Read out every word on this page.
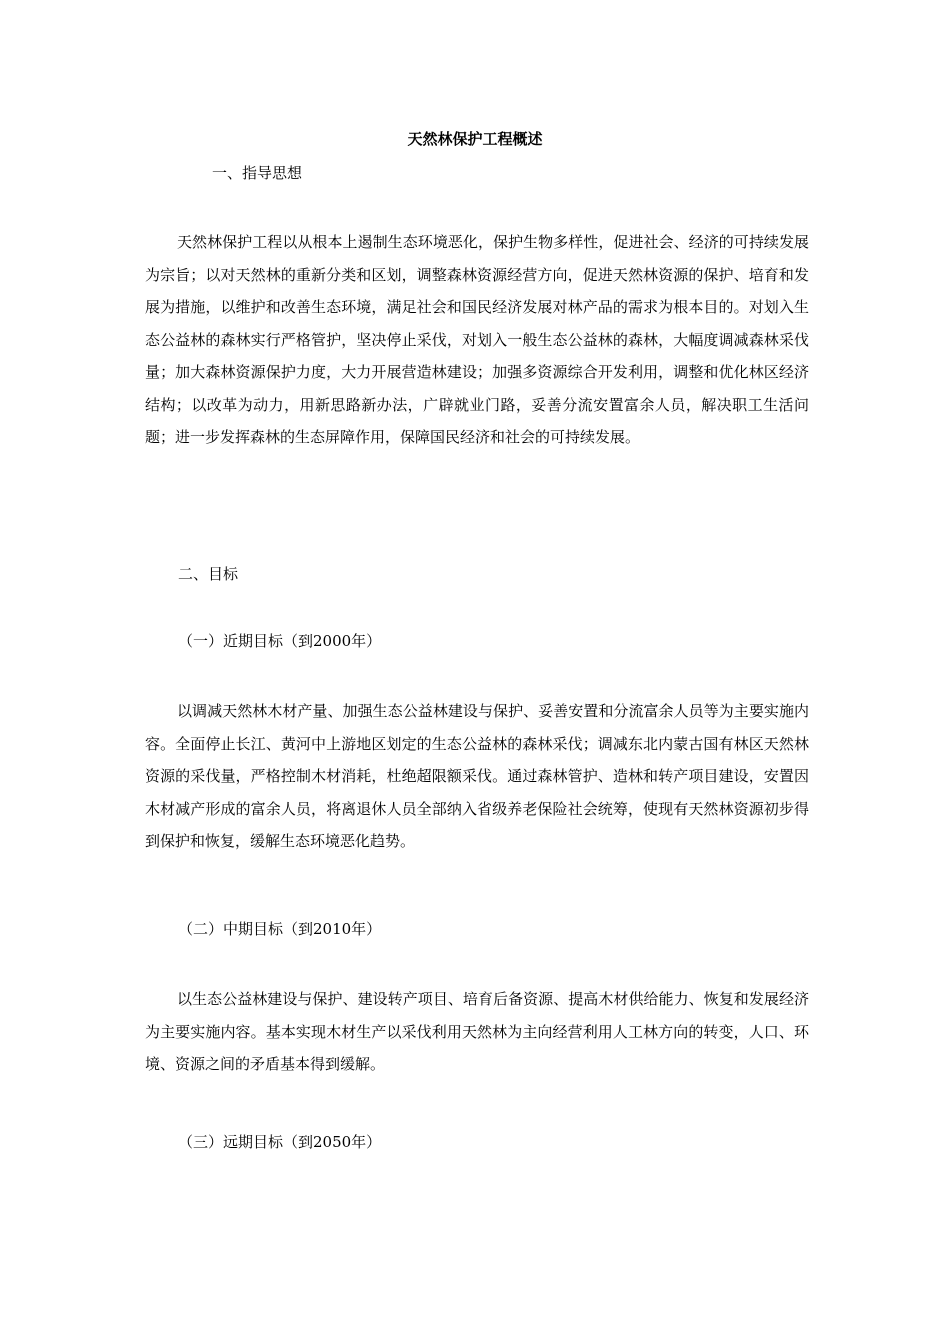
天然林保护工程概述

一、指导思想

天然林保护工程以从根本上遏制生态环境恶化，保护生物多样性，促进社会、经济的可持续发展为宗旨；以对天然林的重新分类和区划，调整森林资源经营方向，促进天然林资源的保护、培育和发展为措施，以维护和改善生态环境，满足社会和国民经济发展对林产品的需求为根本目的。对划入生态公益林的森林实行严格管护，坚决停止采伐，对划入一般生态公益林的森林，大幅度调减森林采伐量；加大森林资源保护力度，大力开展营造林建设；加强多资源综合开发利用，调整和优化林区经济结构；以改革为动力，用新思路新办法，广辟就业门路，妥善分流安置富余人员，解决职工生活问题；进一步发挥森林的生态屏障作用，保障国民经济和社会的可持续发展。

二、目标

（一）近期目标（到2000年）

以调减天然林木材产量、加强生态公益林建设与保护、妥善安置和分流富余人员等为主要实施内容。全面停止长江、黄河中上游地区划定的生态公益林的森林采伐；调减东北内蒙古国有林区天然林资源的采伐量，严格控制木材消耗，杜绝超限额采伐。通过森林管护、造林和转产项目建设，安置因木材减产形成的富余人员，将离退休人员全部纳入省级养老保险社会统筹，使现有天然林资源初步得到保护和恢复，缓解生态环境恶化趋势。

（二）中期目标（到2010年）

以生态公益林建设与保护、建设转产项目、培育后备资源、提高木材供给能力、恢复和发展经济为主要实施内容。基本实现木材生产以采伐利用天然林为主向经营利用人工林方向的转变，人口、环境、资源之间的矛盾基本得到缓解。

（三）远期目标（到2050年）
